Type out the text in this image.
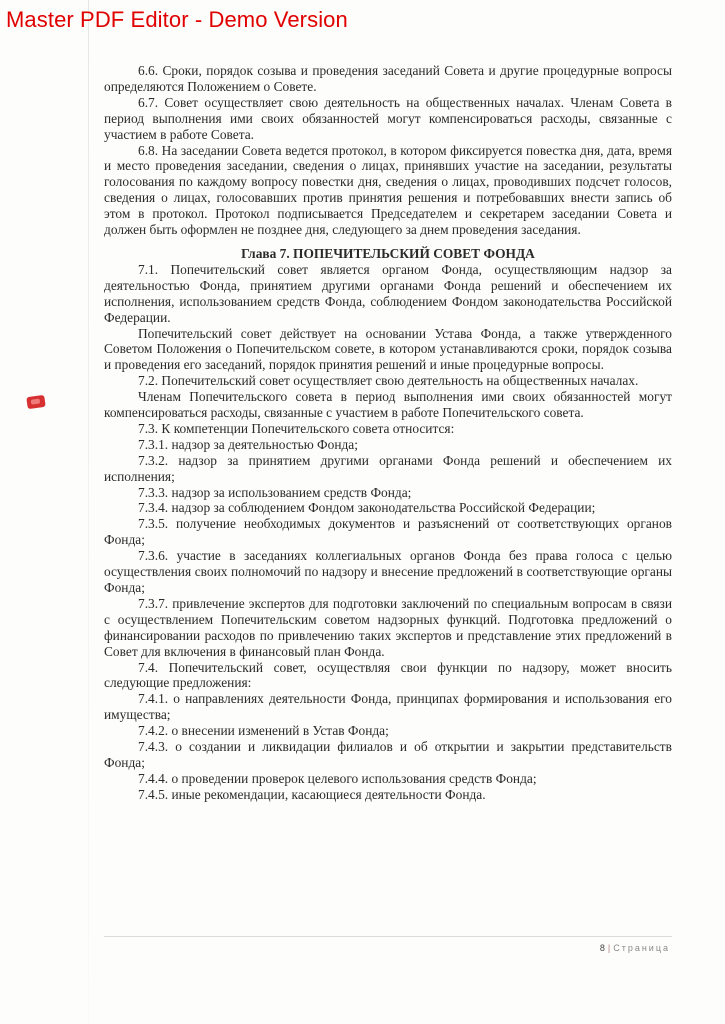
Master PDF Editor - Demo Version

6.6. Сроки, порядок созыва и проведения заседаний Совета и другие процедурные вопросы определяются Положением о Совете.

6.7. Совет осуществляет свою деятельность на общественных началах. Членам Совета в период выполнения ими своих обязанностей могут компенсироваться расходы, связанные с участием в работе Совета.

6.8. На заседании Совета ведется протокол, в котором фиксируется повестка дня, дата, время и место проведения заседании, сведения о лицах, принявших участие на заседании, результаты голосования по каждому вопросу повестки дня, сведения о лицах, проводивших подсчет голосов, сведения о лицах, голосовавших против принятия решения и потребовавших внести запись об этом в протокол. Протокол подписывается Председателем и секретарем заседании Совета и должен быть оформлен не позднее дня, следующего за днем проведения заседания.

Глава 7. ПОПЕЧИТЕЛЬСКИЙ СОВЕТ ФОНДА

7.1. Попечительский совет является органом Фонда, осуществляющим надзор за деятельностью Фонда, принятием другими органами Фонда решений и обеспечением их исполнения, использованием средств Фонда, соблюдением Фондом законодательства Российской Федерации.

Попечительский совет действует на основании Устава Фонда, а также утвержденного Советом Положения о Попечительском совете, в котором устанавливаются сроки, порядок созыва и проведения его заседаний, порядок принятия решений и иные процедурные вопросы.

7.2. Попечительский совет осуществляет свою деятельность на общественных началах.

Членам Попечительского совета в период выполнения ими своих обязанностей могут компенсироваться расходы, связанные с участием в работе Попечительского совета.

7.3. К компетенции Попечительского совета относится:

7.3.1. надзор за деятельностью Фонда;

7.3.2. надзор за принятием другими органами Фонда решений и обеспечением их исполнения;

7.3.3. надзор за использованием средств Фонда;

7.3.4. надзор за соблюдением Фондом законодательства Российской Федерации;

7.3.5. получение необходимых документов и разъяснений от соответствующих органов Фонда;

7.3.6. участие в заседаниях коллегиальных органов Фонда без права голоса с целью осуществления своих полномочий по надзору и внесение предложений в соответствующие органы Фонда;

7.3.7. привлечение экспертов для подготовки заключений по специальным вопросам в связи с осуществлением Попечительским советом надзорных функций. Подготовка предложений о финансировании расходов по привлечению таких экспертов и представление этих предложений в Совет для включения в финансовый план Фонда.

7.4. Попечительский совет, осуществляя свои функции по надзору, может вносить следующие предложения:

7.4.1. о направлениях деятельности Фонда, принципах формирования и использования его имущества;

7.4.2. о внесении изменений в Устав Фонда;

7.4.3. о создании и ликвидации филиалов и об открытии и закрытии представительств Фонда;

7.4.4. о проведении проверок целевого использования средств Фонда;

7.4.5. иные рекомендации, касающиеся деятельности Фонда.

8 | Страница
